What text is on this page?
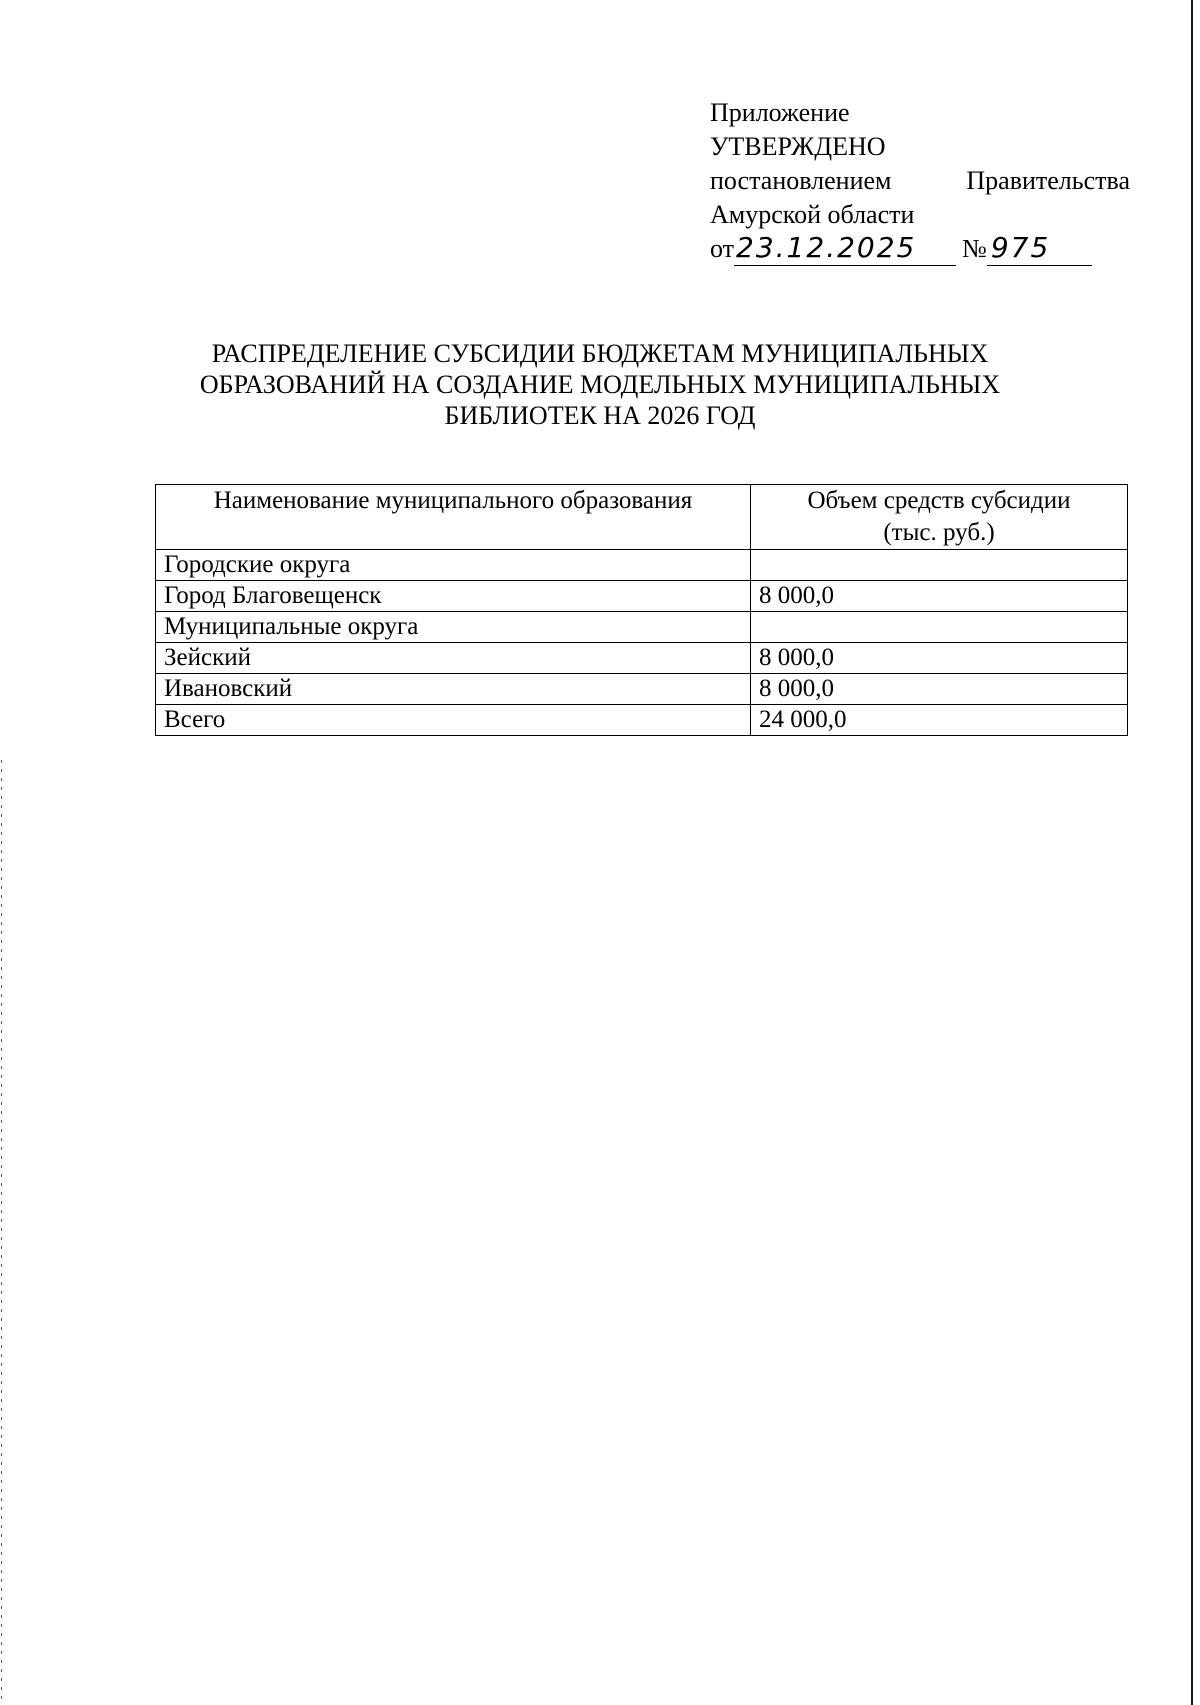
Приложение
УТВЕРЖДЕНО
постановлением	Правительства
Амурской области
от 23.12.2025	№ 975
РАСПРЕДЕЛЕНИЕ СУБСИДИИ БЮДЖЕТАМ МУНИЦИПАЛЬНЫХ
ОБРАЗОВАНИЙ НА СОЗДАНИЕ МОДЕЛЬНЫХ МУНИЦИПАЛЬНЫХ
БИБЛИОТЕК НА 2026 ГОД
Наименование муниципального образования	Объем средств субсидии
(тыс. руб.)

Городские округа	
Город Благовещенск	8 000,0
Муниципальные округа	
Зейский	8 000,0
Ивановский	8 000,0
Всего	24 000,0
